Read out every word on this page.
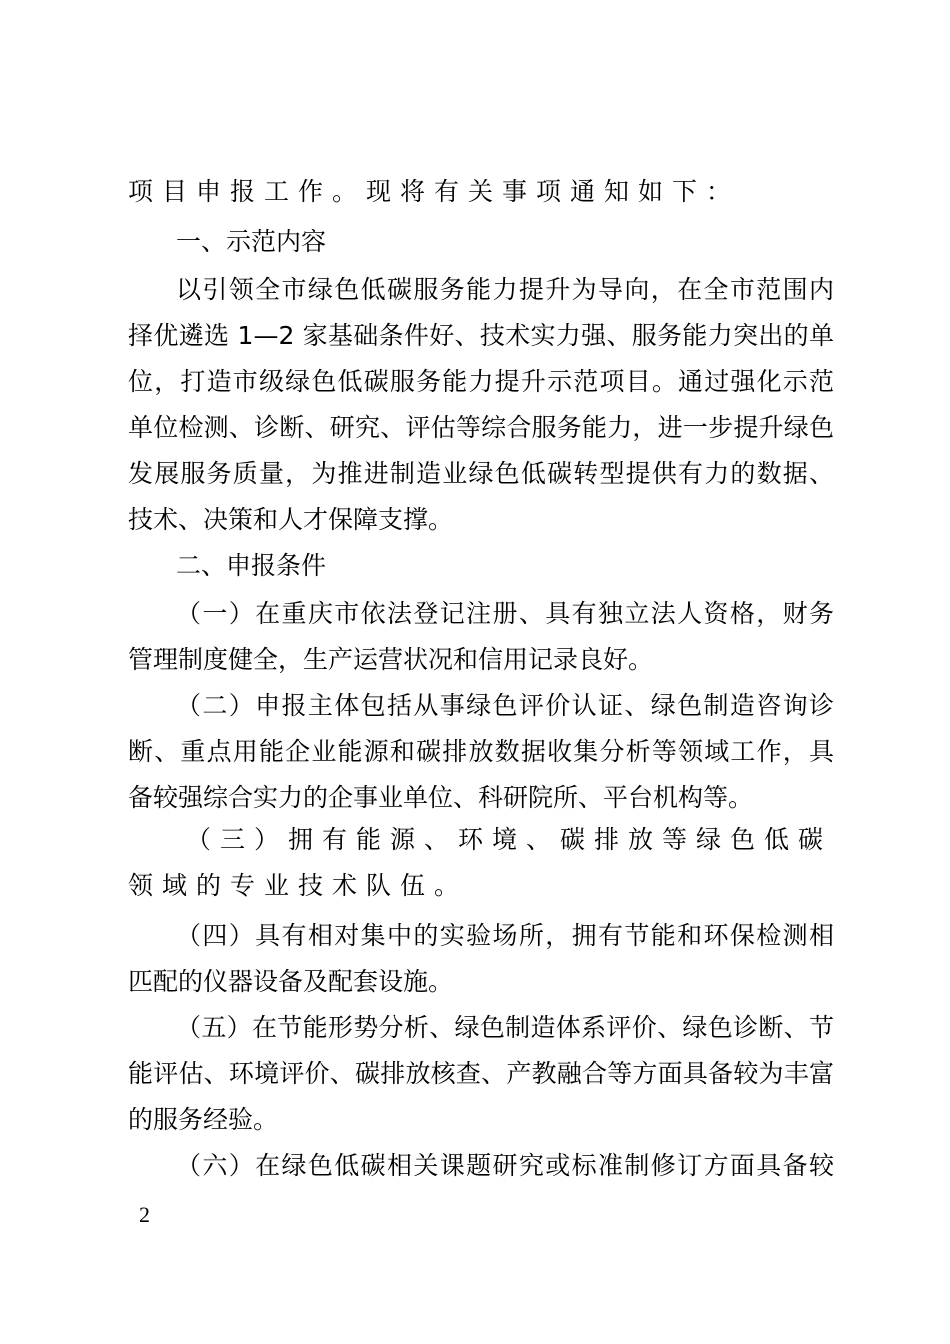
项目申报工作。现将有关事项通知如下：
一、示范内容
以引领全市绿色低碳服务能力提升为导向，在全市范围内
择优遴选 1—2 家基础条件好、技术实力强、服务能力突出的单
位，打造市级绿色低碳服务能力提升示范项目。通过强化示范
单位检测、诊断、研究、评估等综合服务能力，进一步提升绿色
发展服务质量，为推进制造业绿色低碳转型提供有力的数据、
技术、决策和人才保障支撑。
二、申报条件
（一）在重庆市依法登记注册、具有独立法人资格，财务
管理制度健全，生产运营状况和信用记录良好。
（二）申报主体包括从事绿色评价认证、绿色制造咨询诊
断、重点用能企业能源和碳排放数据收集分析等领域工作，具
备较强综合实力的企事业单位、科研院所、平台机构等。
（三）拥有能源、环境、碳排放等绿色低碳
领域的专业技术队伍。
（四）具有相对集中的实验场所，拥有节能和环保检测相
匹配的仪器设备及配套设施。
（五）在节能形势分析、绿色制造体系评价、绿色诊断、节
能评估、环境评价、碳排放核查、产教融合等方面具备较为丰富
的服务经验。
（六）在绿色低碳相关课题研究或标准制修订方面具备较
2
